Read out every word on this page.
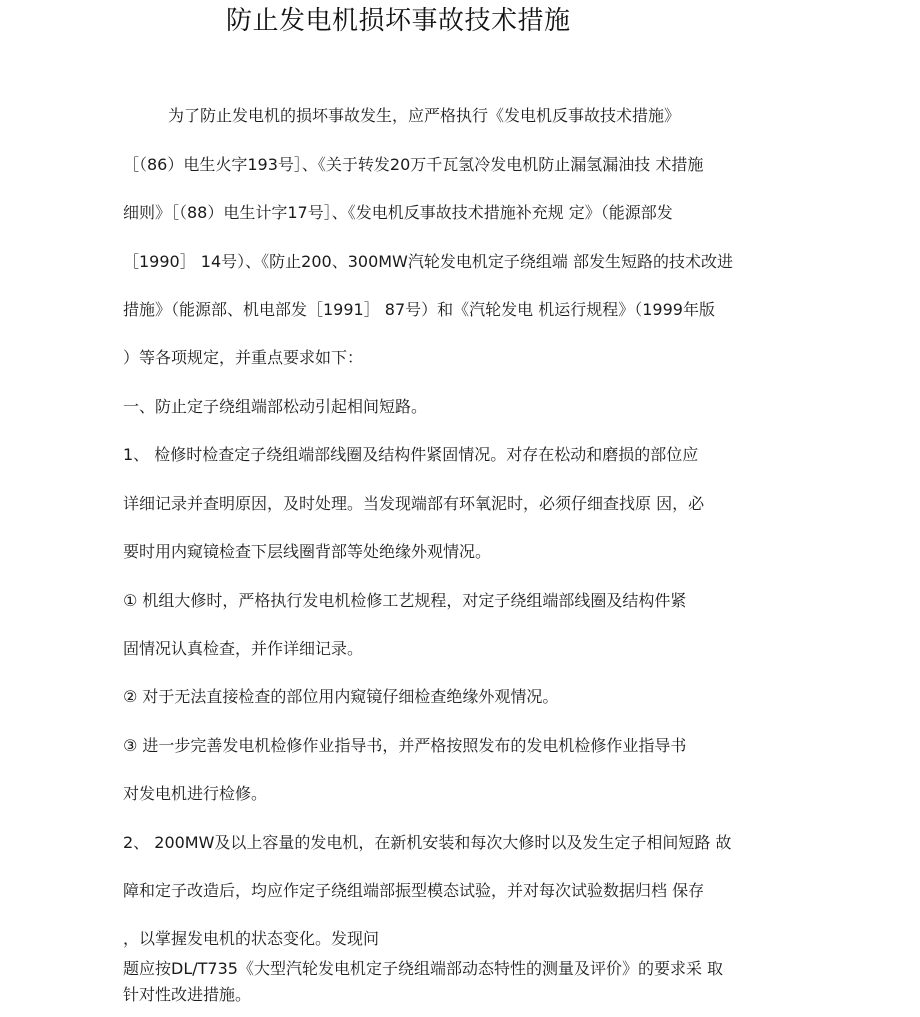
防止发电机损坏事故技术措施
为了防止发电机的损坏事故发生，应严格执行《发电机反事故技术措施》
［（86）电生火字193号］、《关于转发20万千瓦氢冷发电机防止漏氢漏油技 术措施
细则》［（88）电生计字17号］、《发电机反事故技术措施补充规 定》（能源部发
［1990］ 14号）、《防止200、300MW汽轮发电机定子绕组端 部发生短路的技术改进
措施》（能源部、机电部发［1991］ 87号）和《汽轮发电 机运行规程》（1999年版
）等各项规定，并重点要求如下：
一、防止定子绕组端部松动引起相间短路。
1、 检修时检查定子绕组端部线圈及结构件紧固情况。对存在松动和磨损的部位应
详细记录并查明原因，及时处理。当发现端部有环氧泥时，必须仔细查找原 因，必
要时用内窥镜检查下层线圈背部等处绝缘外观情况。
① 机组大修时，严格执行发电机检修工艺规程，对定子绕组端部线圈及结构件紧
固情况认真检查，并作详细记录。
② 对于无法直接检查的部位用内窥镜仔细检查绝缘外观情况。
③ 进一步完善发电机检修作业指导书，并严格按照发布的发电机检修作业指导书
对发电机进行检修。
2、 200MW及以上容量的发电机，在新机安装和每次大修时以及发生定子相间短路 故
障和定子改造后，均应作定子绕组端部振型模态试验，并对每次试验数据归档 保存
，以掌握发电机的状态变化。发现问
题应按DL/T735《大型汽轮发电机定子绕组端部动态特性的测量及评价》的要求采 取
针对性改进措施。
